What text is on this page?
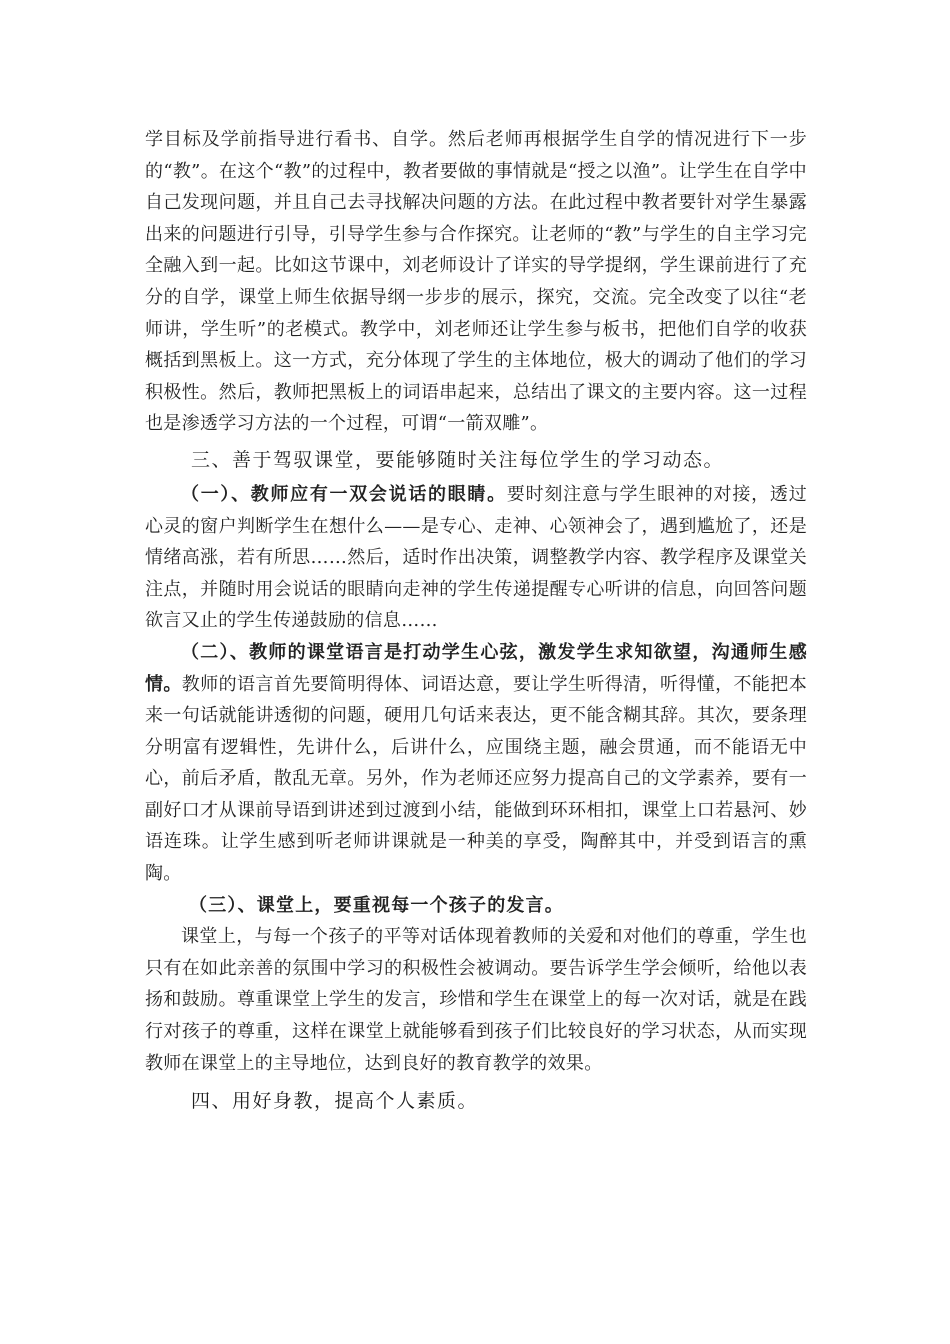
学目标及学前指导进行看书、自学。然后老师再根据学生自学的情况进行下一步的“教”。在这个“教”的过程中，教者要做的事情就是“授之以渔”。让学生在自学中自己发现问题，并且自己去寻找解决问题的方法。在此过程中教者要针对学生暴露出来的问题进行引导，引导学生参与合作探究。让老师的“教”与学生的自主学习完全融入到一起。比如这节课中，刘老师设计了详实的导学提纲，学生课前进行了充分的自学，课堂上师生依据导纲一步步的展示，探究，交流。完全改变了以往“老师讲，学生听”的老模式。教学中，刘老师还让学生参与板书，把他们自学的收获概括到黑板上。这一方式，充分体现了学生的主体地位，极大的调动了他们的学习积极性。然后，教师把黑板上的词语串起来，总结出了课文的主要内容。这一过程也是渗透学习方法的一个过程，可谓“一箭双雕”。

三、善于驾驭课堂，要能够随时关注每位学生的学习动态。

（一）、教师应有一双会说话的眼睛。要时刻注意与学生眼神的对接，透过心灵的窗户判断学生在想什么——是专心、走神、心领神会了，遇到尴尬了，还是情绪高涨，若有所思……然后，适时作出决策，调整教学内容、教学程序及课堂关注点，并随时用会说话的眼睛向走神的学生传递提醒专心听讲的信息，向回答问题欲言又止的学生传递鼓励的信息……

（二）、教师的课堂语言是打动学生心弦，激发学生求知欲望，沟通师生感情。教师的语言首先要简明得体、词语达意，要让学生听得清，听得懂，不能把本来一句话就能讲透彻的问题，硬用几句话来表达，更不能含糊其辞。其次，要条理分明富有逻辑性，先讲什么，后讲什么，应围绕主题，融会贯通，而不能语无中心，前后矛盾，散乱无章。另外，作为老师还应努力提高自己的文学素养，要有一副好口才从课前导语到讲述到过渡到小结，能做到环环相扣，课堂上口若悬河、妙语连珠。让学生感到听老师讲课就是一种美的享受，陶醉其中，并受到语言的熏陶。

（三）、课堂上，要重视每一个孩子的发言。

课堂上，与每一个孩子的平等对话体现着教师的关爱和对他们的尊重，学生也只有在如此亲善的氛围中学习的积极性会被调动。要告诉学生学会倾听，给他以表扬和鼓励。尊重课堂上学生的发言，珍惜和学生在课堂上的每一次对话，就是在践行对孩子的尊重，这样在课堂上就能够看到孩子们比较良好的学习状态，从而实现教师在课堂上的主导地位，达到良好的教育教学的效果。

四、用好身教，提高个人素质。
